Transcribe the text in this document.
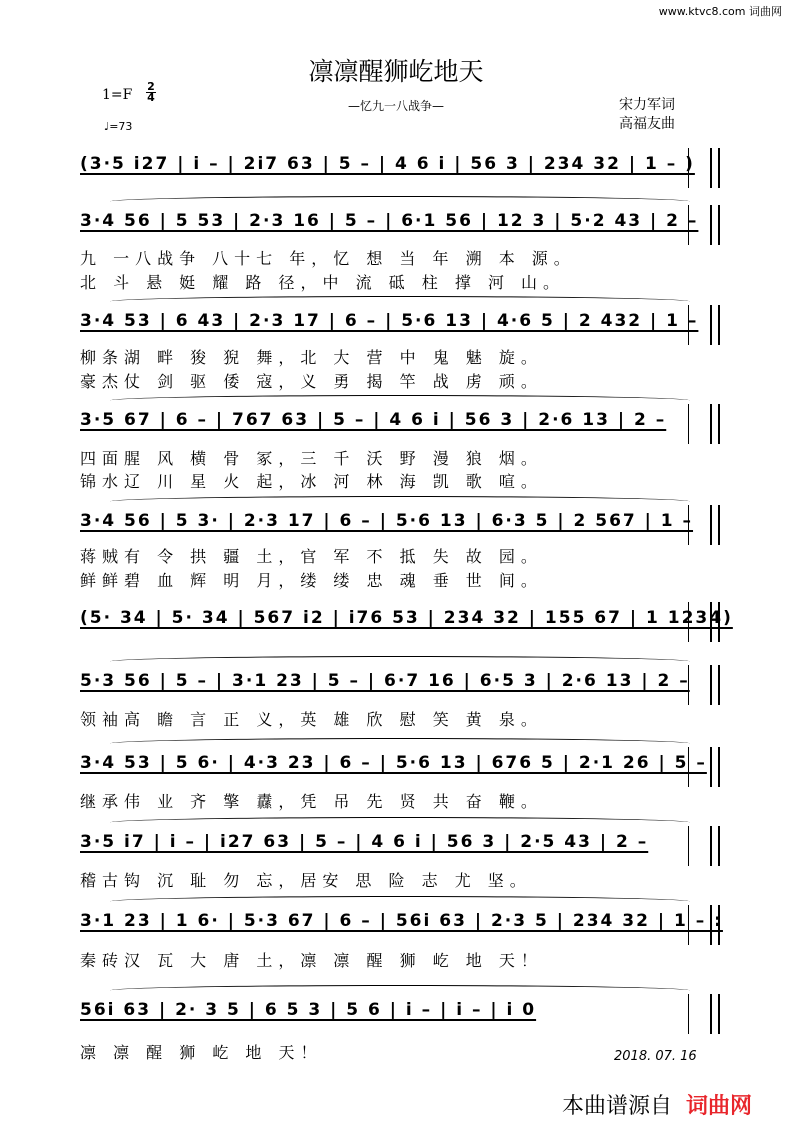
www.ktvc8.com 词曲网
凛凛醒狮屹地天
—忆九一八战争—
1=F
2
4
♩=73
宋力军词
高福友曲
(3·5 i27 | i – | 2i7 63 | 5 – | 4 6 i | 56 3 | 234 32 | 1 – )
3·4 56 | 5 53 | 2·3 16 | 5 – | 6·1 56 | 12 3 | 5·2 43 | 2 –
九 一八战争 八十七 年，忆 想 当 年 溯 本 源。
北 斗 悬 娗 耀 路 径，中 流 砥 柱 撑 河 山。
3·4 53 | 6 43 | 2·3 17 | 6 – | 5·6 13 | 4·6 5 | 2 432 | 1 –
柳条湖 畔 狻 猊 舞，北 大 营 中 鬼 魅 旋。
豪杰仗 剑 驱 倭 寇，义 勇 揭 竿 战 虏 顽。
3·5 67 | 6 – | 767 63 | 5 – | 4 6 i | 56 3 | 2·6 13 | 2 –
四面腥 风 横 骨 冢，三 千 沃 野 漫 狼 烟。
锦水辽 川 星 火 起，冰 河 林 海 凯 歌 喧。
3·4 56 | 5 3· | 2·3 17 | 6 – | 5·6 13 | 6·3 5 | 2 567 | 1 –
蒋贼有 令 拱 疆 土，官 军 不 抵 失 故 园。
鲜鲜碧 血 辉 明 月，缕 缕 忠 魂 垂 世 间。
(5· 34 | 5· 34 | 567 i2 | i76 53 | 234 32 | 155 67 | 1 1234)
5·3 56 | 5 – | 3·1 23 | 5 – | 6·7 16 | 6·5 3 | 2·6 13 | 2 –
领袖高 瞻 言 正 义，英 雄 欣 慰 笑 黄 泉。
3·4 53 | 5 6· | 4·3 23 | 6 – | 5·6 13 | 676 5 | 2·1 26 | 5 –
继承伟 业 齐 擎 纛，凭 吊 先 贤 共 奋 鞭。
3·5 i7 | i – | i27 63 | 5 – | 4 6 i | 56 3 | 2·5 43 | 2 –
稽古钩 沉 耻 勿 忘，居安 思 险 志 尤 坚。
3·1 23 | 1 6· | 5·3 67 | 6 – | 56i 63 | 2·3 5 | 234 32 | 1 – :
秦砖汉 瓦 大 唐 土，凛 凛 醒 狮 屹 地 天！
56i 63 | 2· 3 5 | 6 5 3 | 5 6 | i – | i – | i 0
凛 凛 醒 狮 屹 地 天！	2018. 07. 16
本曲谱源自 词曲网
